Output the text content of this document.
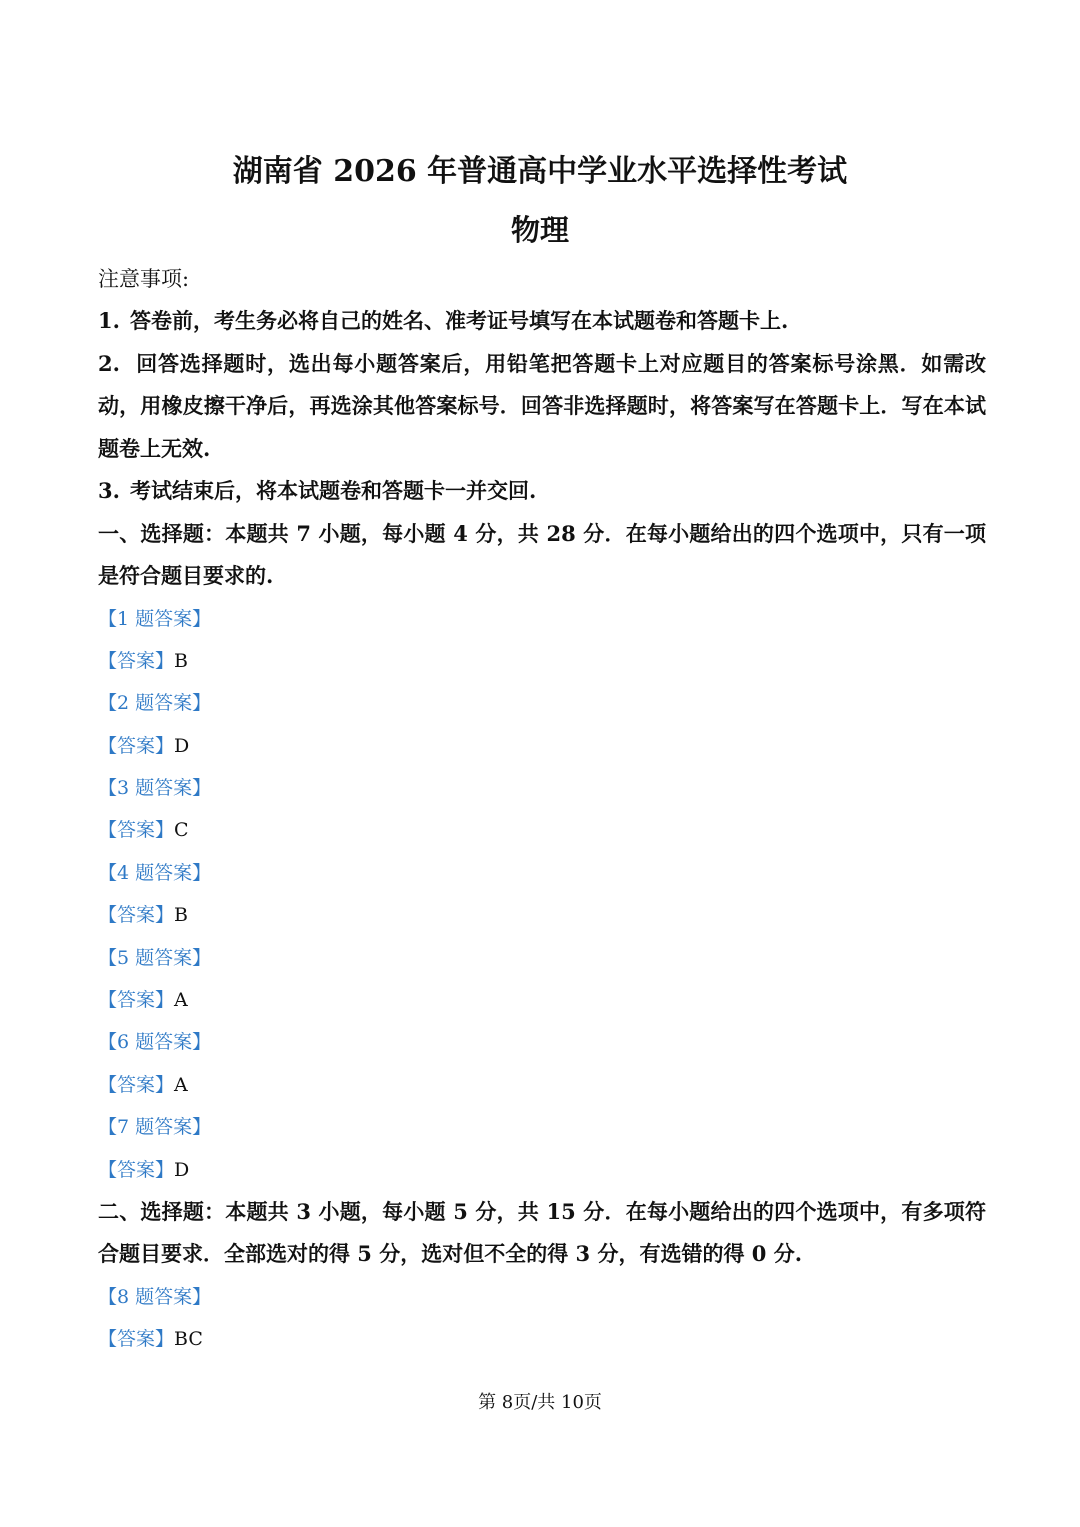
湖南省 2026 年普通高中学业水平选择性考试
物理
注意事项:
1. 答卷前，考生务必将自己的姓名、准考证号填写在本试题卷和答题卡上.
2. 回答选择题时，选出每小题答案后，用铅笔把答题卡上对应题目的答案标号涂黑．如需改动，用橡皮擦干净后，再选涂其他答案标号．回答非选择题时，将答案写在答题卡上．写在本试题卷上无效.
3. 考试结束后，将本试题卷和答题卡一并交回.
一、选择题：本题共 7 小题，每小题 4 分，共 28 分．在每小题给出的四个选项中，只有一项是符合题目要求的.
【1 题答案】
【答案】B
【2 题答案】
【答案】D
【3 题答案】
【答案】C
【4 题答案】
【答案】B
【5 题答案】
【答案】A
【6 题答案】
【答案】A
【7 题答案】
【答案】D
二、选择题：本题共 3 小题，每小题 5 分，共 15 分．在每小题给出的四个选项中，有多项符合题目要求．全部选对的得 5 分，选对但不全的得 3 分，有选错的得 0 分.
【8 题答案】
【答案】BC
第 8页/共 10页
